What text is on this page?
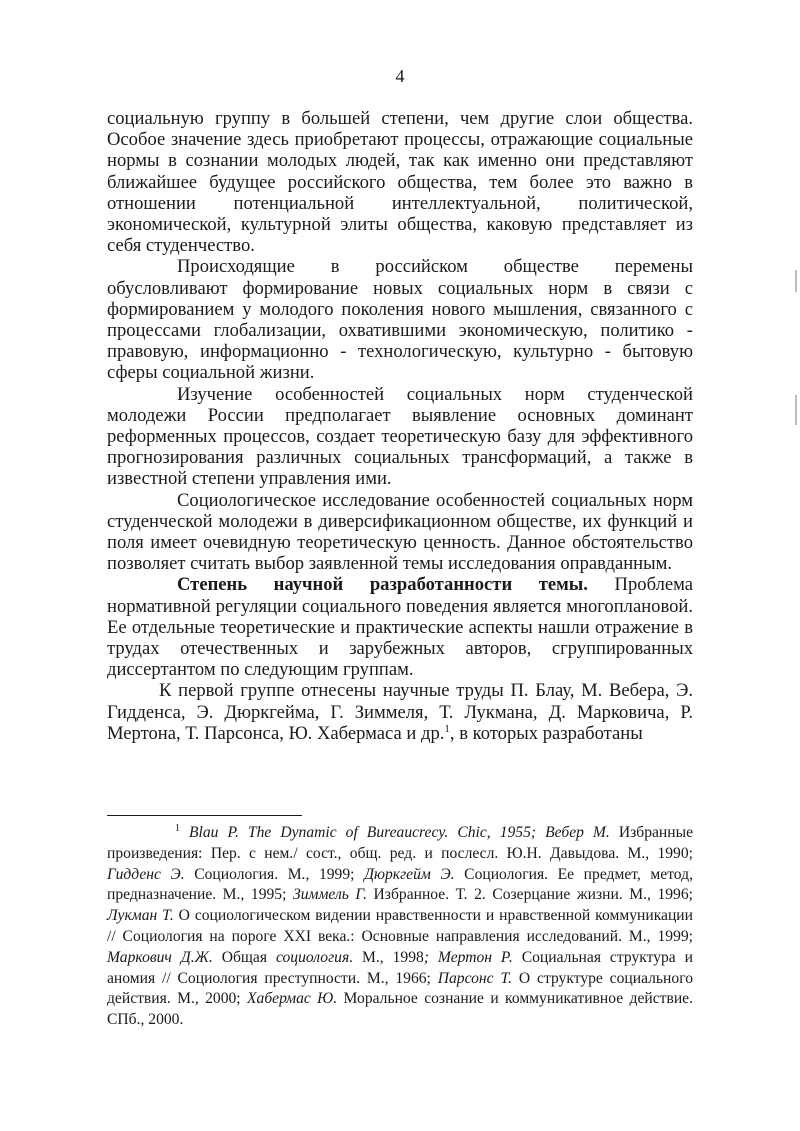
4

социальную группу в большей степени, чем другие слои общества. Особое значение здесь приобретают процессы, отражающие социальные нормы в сознании молодых людей, так как именно они представляют ближайшее будущее российского общества, тем более это важно в отношении потенциальной интеллектуальной, политической, экономической, культурной элиты общества, каковую представляет из себя студенчество.

Происходящие в российском обществе перемены обусловливают формирование новых социальных норм в связи с формированием у молодого поколения нового мышления, связанного с процессами глобализации, охватившими экономическую, политико - правовую, информационно - технологическую, культурно - бытовую сферы социальной жизни.

Изучение особенностей социальных норм студенческой молодежи России предполагает выявление основных доминант реформенных процессов, создает теоретическую базу для эффективного прогнозирования различных социальных трансформаций, а также в известной степени управления ими.

Социологическое исследование особенностей социальных норм студенческой молодежи в диверсификационном обществе, их функций и поля имеет очевидную теоретическую ценность. Данное обстоятельство позволяет считать выбор заявленной темы исследования оправданным.

Степень научной разработанности темы. Проблема нормативной регуляции социального поведения является многоплановой. Ее отдельные теоретические и практические аспекты нашли отражение в трудах отечественных и зарубежных авторов, сгруппированных диссертантом по следующим группам.

К первой группе отнесены научные труды П. Блау, М. Вебера, Э. Гидденса, Э. Дюркгейма, Г. Зиммеля, Т. Лукмана, Д. Марковича, Р. Мертона, Т. Парсонса, Ю. Хабермаса и др.$^1$, в которых разработаны

$^1$ Blau P. The Dynamic of Bureaucrecy. Chic, 1955; Вебер М. Избранные произведения: Пер. с нем./ сост., общ. ред. и послесл. Ю.Н. Давыдова. М., 1990; Гидденс Э. Социология. М., 1999; Дюркгейм Э. Социология. Ее предмет, метод, предназначение. М., 1995; Зиммель Г. Избранное. Т. 2. Созерцание жизни. М., 1996; Лукман Т. О социологическом видении нравственности и нравственной коммуникации // Социология на пороге XXI века.: Основные направления исследований. М., 1999; Маркович Д.Ж. Общая социология. М., 1998; Мертон Р. Социальная структура и аномия // Социология преступности. М., 1966; Парсонс Т. О структуре социального действия. М., 2000; Хабермас Ю. Моральное сознание и коммуникативное действие. СПб., 2000.
